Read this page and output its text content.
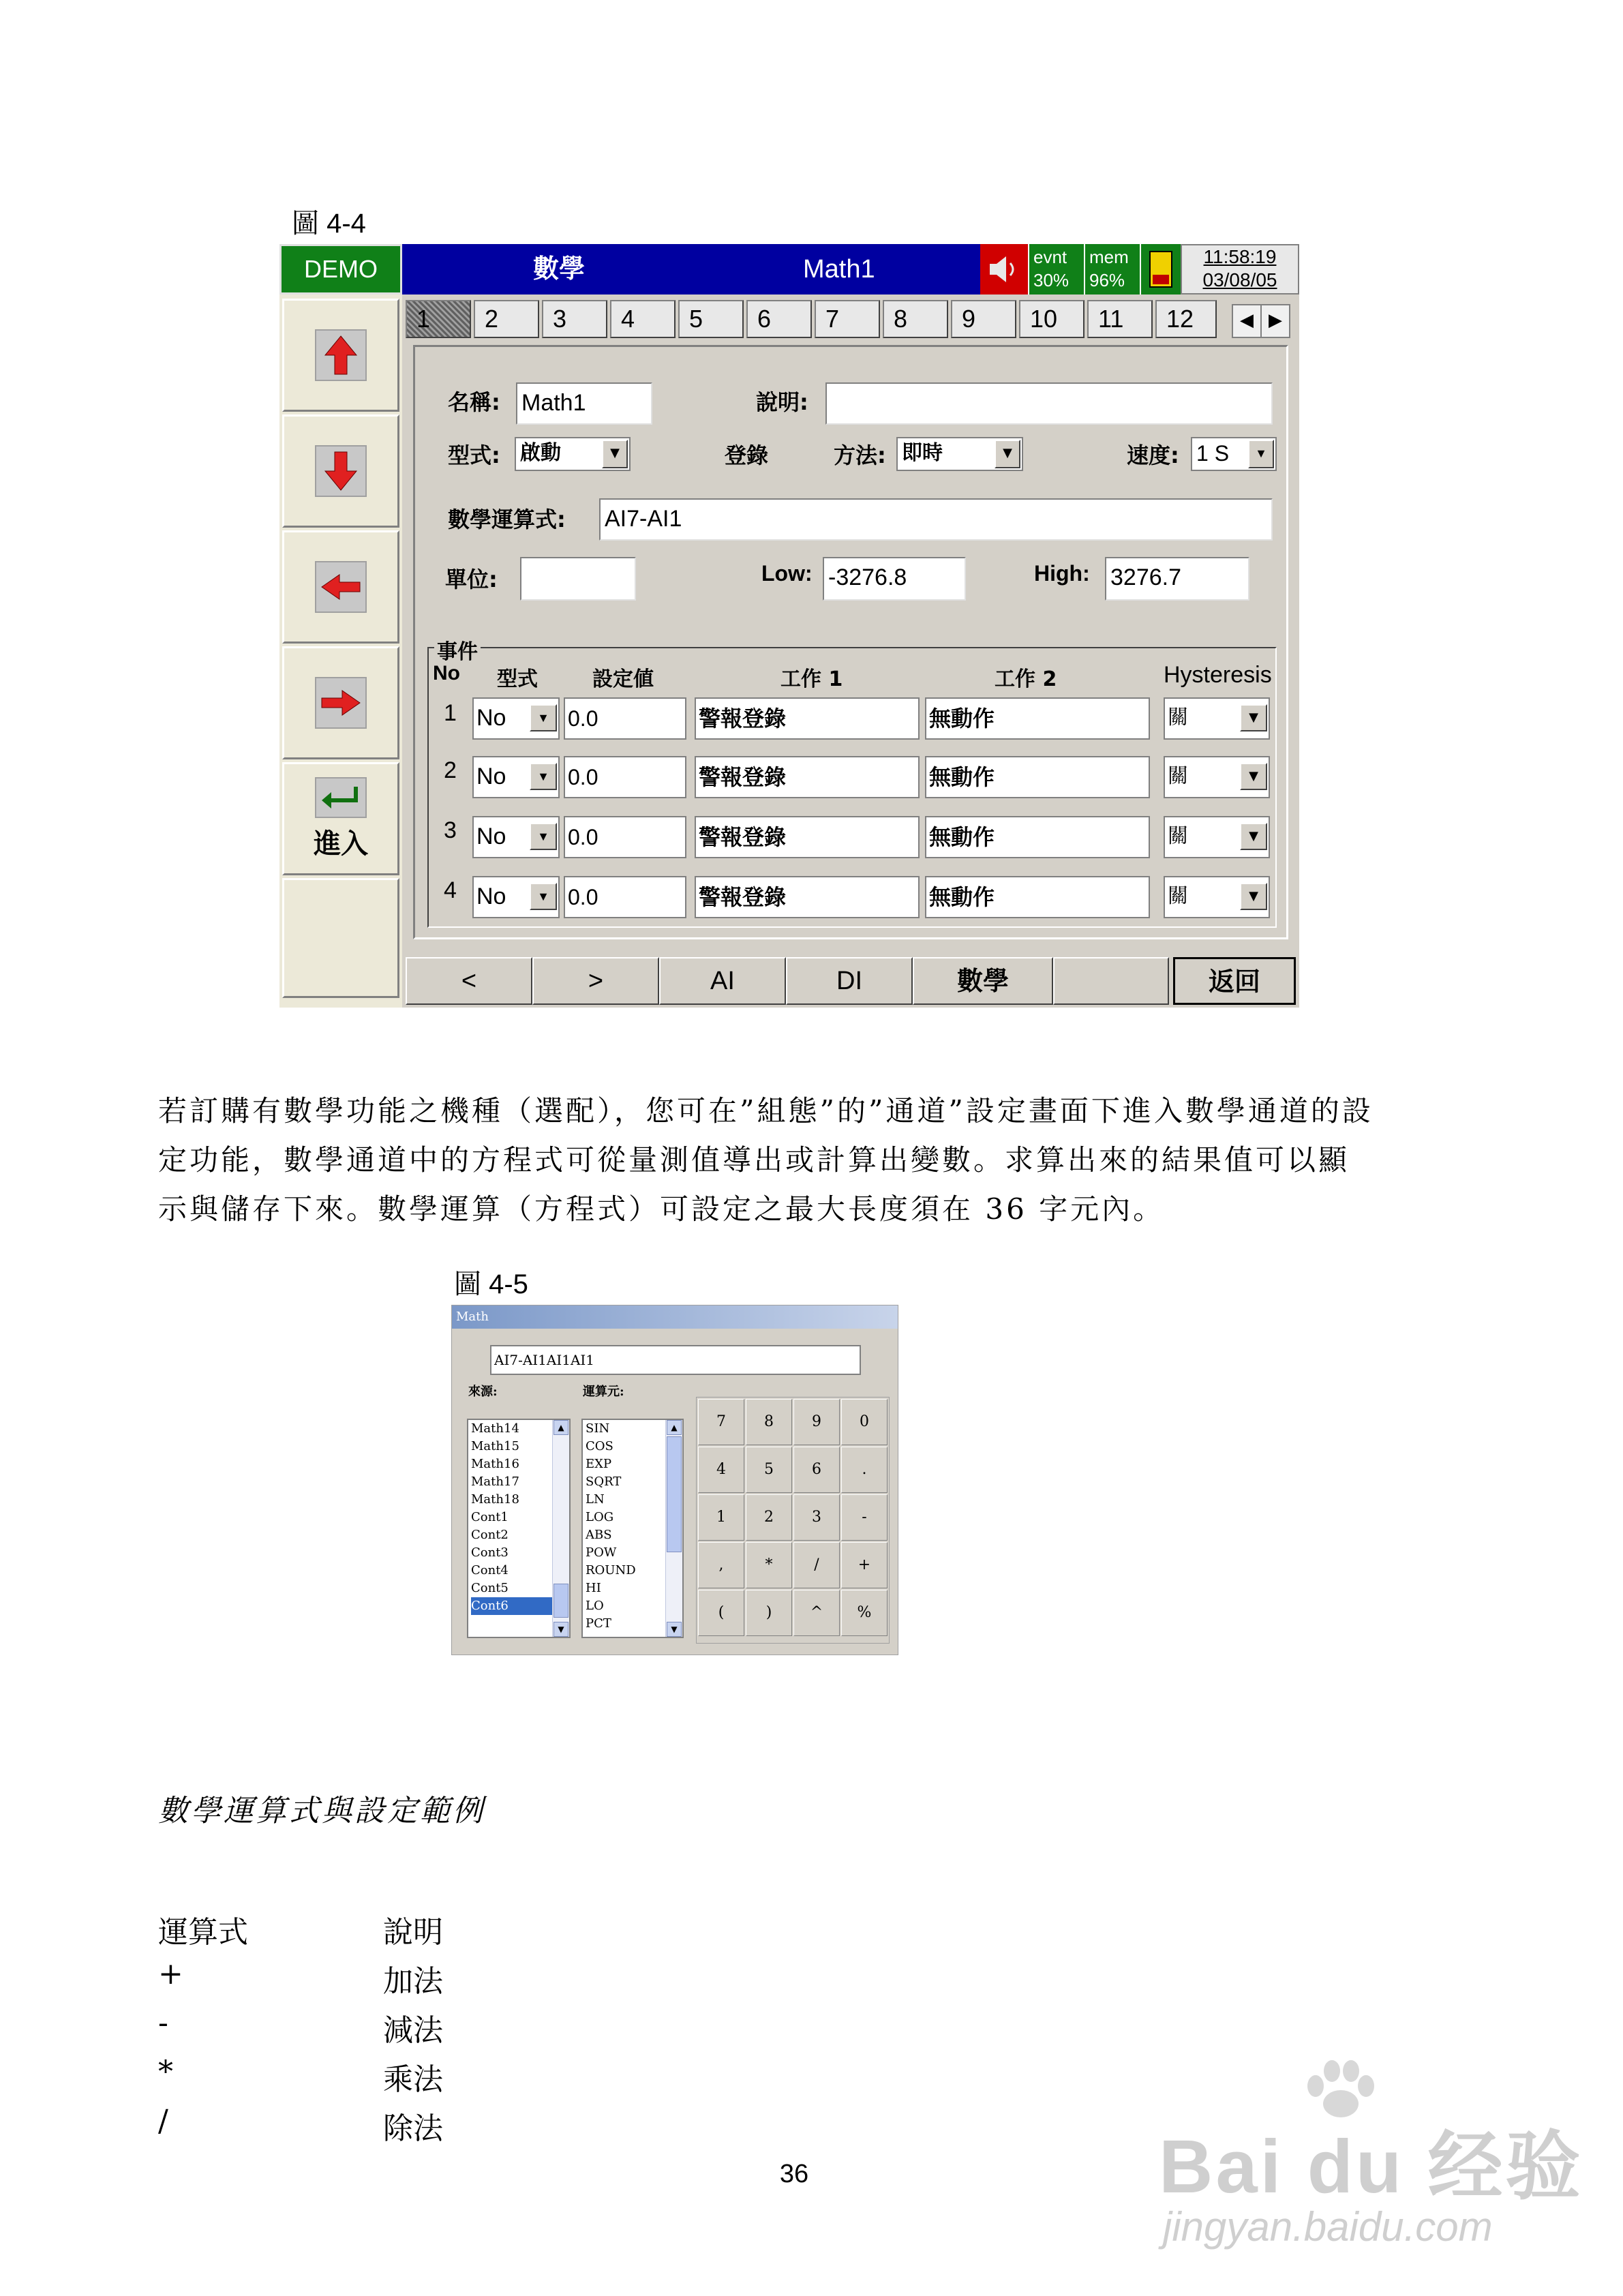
圖 4-4
DEMO	數學	Math1	evnt
30%
mem
96%
11:58:19
03/08/05
進入
1	2	3	4	5	6	7	8	9	10	11	12	◀ ▶
名稱: Math1	說明:
型式: 啟動	▼	登錄	方法: 即時	▼	速度: 1 S	▼
數學運算式: AI7-AI1
單位:	Low: -3276.8	High: 3276.7
事件
No 型式	設定値	工作 1	工作 2	Hysteresis
1 No	▼ 0.0	警報登錄	無動作	關	▼
2 No	▼ 0.0	警報登錄	無動作	關	▼
3 No	▼ 0.0	警報登錄	無動作	關	▼
4 No	▼ 0.0	警報登錄	無動作	關	▼
<	>	AI	DI	數學	返回
若訂購有數學功能之機種（選配），您可在”組態”的”通道”設定畫面下進入數學通道的設
定功能，數學通道中的方程式可從量測值導出或計算出變數。求算出來的結果值可以顯
示與儲存下來。數學運算（方程式）可設定之最大長度須在 36 字元內。
圖 4-5
Math
AI7-AI1AI1AI1
來源:	運算元:
Math14
Math15
Math16
Math17
Math18
Cont1
Cont2
Cont3
Cont4
Cont5
Cont6
▲
▼
SIN
COS
EXP
SQRT
LN
LOG
ABS
POW
ROUND
HI
LO
PCT
▲
▼
7	8	9	0
4	5	6	.
1	2	3	-
,	*	/	+
(	)	^	%
數學運算式與設定範例
運算式	說明
+	加法
-	減法
*	乘法
/	除法
36	Bai du 经验
jingyan.baidu.com
